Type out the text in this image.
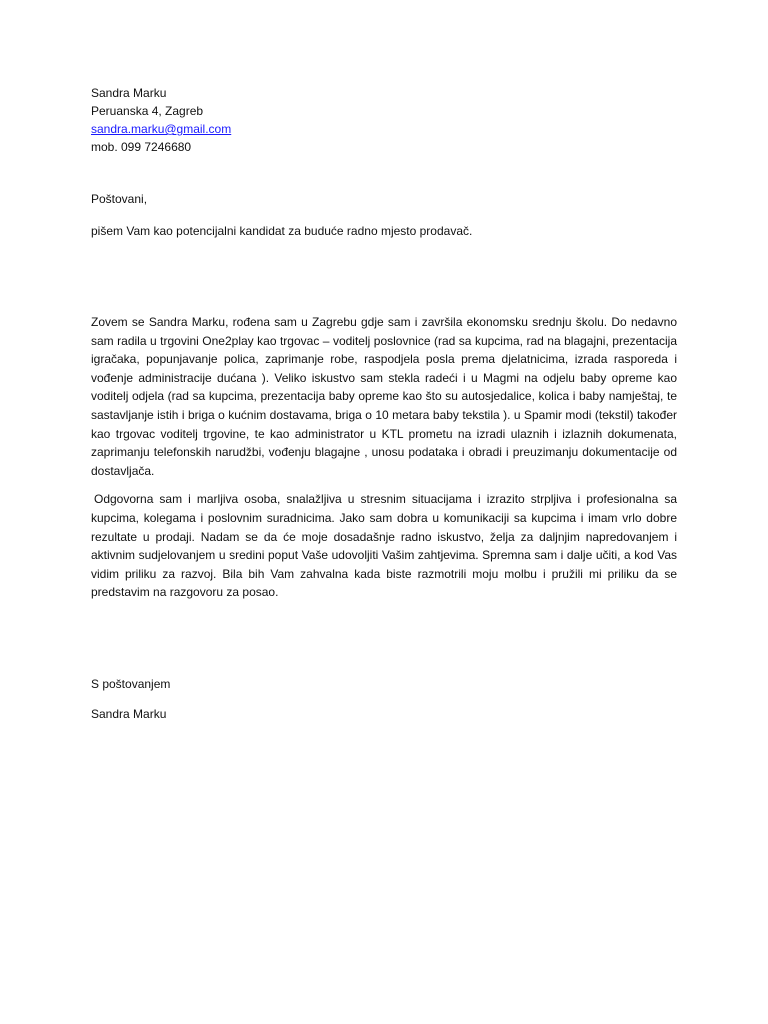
Sandra Marku

Peruanska 4, Zagreb

sandra.marku@gmail.com

mob. 099 7246680

Poštovani,

pišem Vam kao potencijalni kandidat za buduće radno mjesto prodavač.

Zovem se Sandra Marku, rođena sam u Zagrebu gdje sam i završila ekonomsku srednju školu. Do nedavno sam radila u trgovini One2play kao trgovac – voditelj poslovnice (rad sa kupcima, rad na blagajni, prezentacija igračaka, popunjavanje polica, zaprimanje robe, raspodjela posla prema djelatnicima, izrada rasporeda i vođenje administracije dućana ). Veliko iskustvo sam stekla radeći i u Magmi na odjelu baby opreme kao voditelj odjela (rad sa kupcima, prezentacija baby opreme kao što su autosjedalice, kolica i baby namještaj, te sastavljanje istih i briga o kućnim dostavama, briga o 10 metara baby tekstila ). u Spamir modi (tekstil) također kao trgovac voditelj trgovine, te kao administrator u KTL prometu na izradi ulaznih i izlaznih dokumenata, zaprimanju telefonskih narudžbi, vođenju blagajne , unosu podataka i obradi i preuzimanju dokumentacije od dostavljača.

Odgovorna sam i marljiva osoba, snalažljiva u stresnim situacijama i izrazito strpljiva i profesionalna sa kupcima, kolegama i poslovnim suradnicima. Jako sam dobra u komunikaciji sa kupcima i imam vrlo dobre rezultate u prodaji. Nadam se da će moje dosadašnje radno iskustvo, želja za daljnjim napredovanjem i aktivnim sudjelovanjem u sredini poput Vaše udovoljiti Vašim zahtjevima. Spremna sam i dalje učiti, a kod Vas vidim priliku za razvoj. Bila bih Vam zahvalna kada biste razmotrili moju molbu i pružili mi priliku da se predstavim na razgovoru za posao.

S poštovanjem

Sandra Marku
